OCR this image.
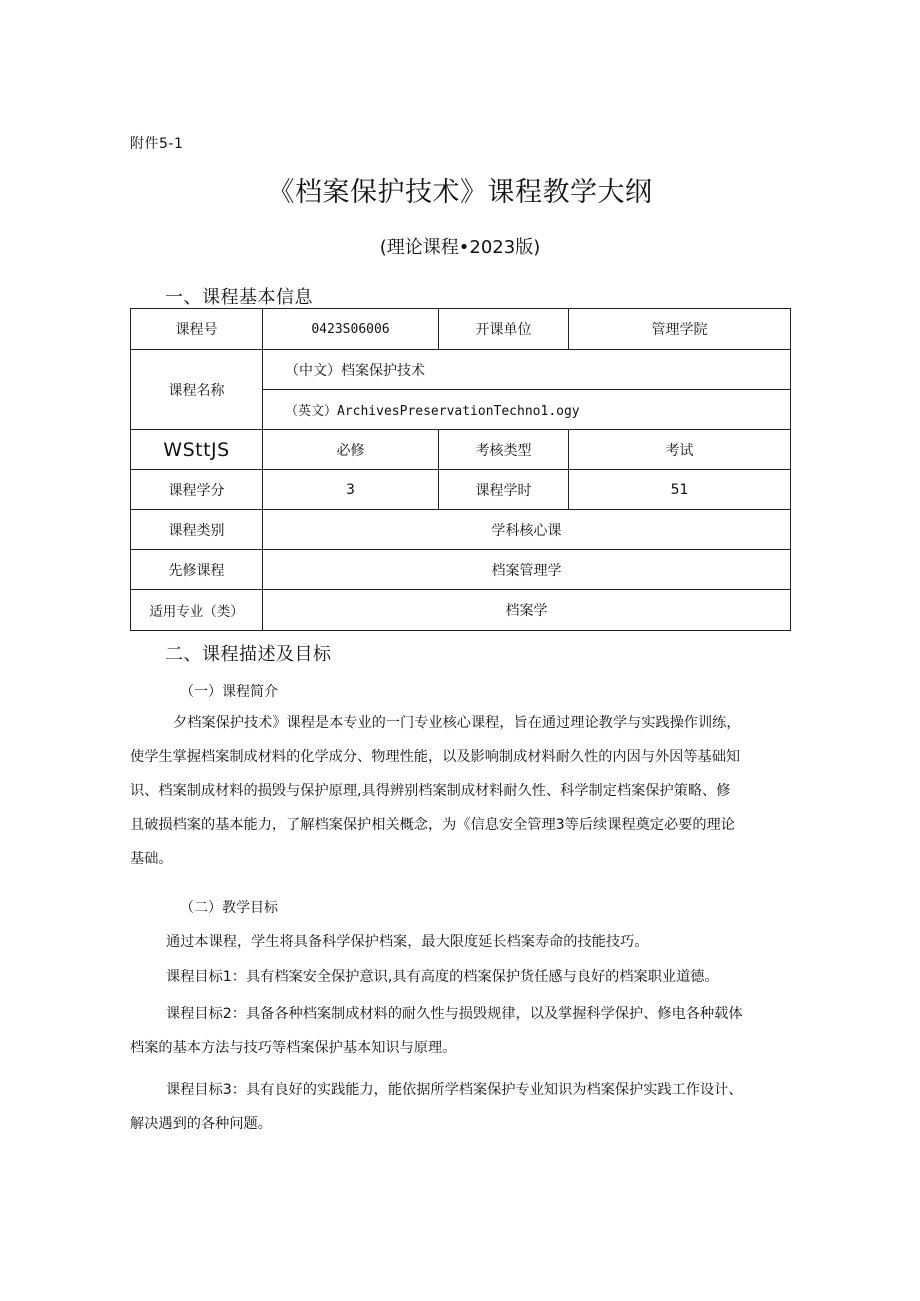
附件5-1
《档案保护技术》课程教学大纲
(理论课程•2023版)
一、课程基本信息
课程号	0423S06006	开课单位	管理学院
课程名称	（中文）档案保护技术		
	（英文）ArchivesPreservationTechno1.ogy		
WSttJS	必修	考核类型	考试
课程学分	3	课程学时	51
课程类别	学科核心课		
先修课程	档案管理学		
适用专业（类）	档案学		
二、课程描述及目标
（一）课程简介
夕档案保护技术》课程是本专业的一门专业核心课程，旨在通过理论教学与实践操作训练，
使学生掌握档案制成材料的化学成分、物理性能，以及影响制成材料耐久性的内因与外因等基础知
识、档案制成材料的损毁与保护原理,具得辨别档案制成材料耐久性、科学制定档案保护策略、修
且破损档案的基本能力，了解档案保护相关概念，为《信息安全管理3等后续课程奠定必要的理论
基础。
（二）教学目标
通过本课程，学生将具备科学保护档案，最大限度延长档案寿命的技能技巧。
课程目标1：具有档案安全保护意识,具有高度的档案保护货任感与良好的档案职业道德。
课程目标2：具备各种档案制成材料的耐久性与损毁规律，以及掌握科学保护、修电各种载体
档案的基本方法与技巧等档案保护基本知识与原理。
课程目标3：具有良好的实践能力，能依据所学档案保护专业知识为档案保护实践工作设计、
解决遇到的各种问题。
